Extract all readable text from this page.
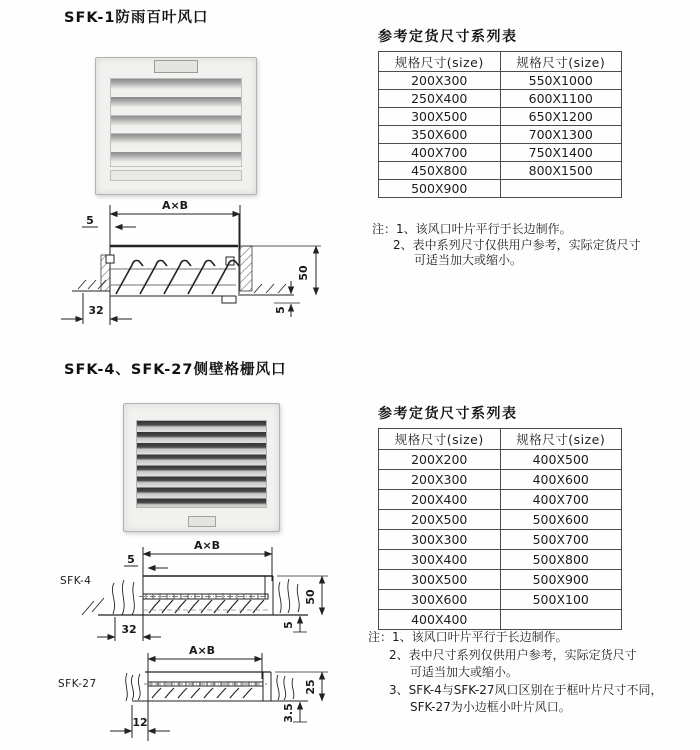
SFK-1防雨百叶风口
参考定货尺寸系列表
规格尺寸(size)	规格尺寸(size)
200X300	550X1000
250X400	600X1100
300X500	650X1200
350X600	700X1300
400X700	750X1400
450X800	800X1500
500X900	
A×B
5
50
5
32
注：1、该风口叶片平行于长边制作。
2、表中系列尺寸仅供用户参考，实际定货尺寸
可适当加大或缩小。
SFK-4、SFK-27侧壁格栅风口
参考定货尺寸系列表
规格尺寸(size)	规格尺寸(size)
200X200	400X500
200X300	400X600
200X400	400X700
200X500	500X600
300X300	500X700
300X400	500X800
300X500	500X900
300X600	500X100
400X400	
SFK-4
A×B
5
50
5
32
SFK-27
A×B
25
3.5
12
注：1、该风口叶片平行于长边制作。
2、表中尺寸系列仅供用户参考，实际定货尺寸
可适当加大或缩小。
3、SFK-4与SFK-27风口区别在于框叶片尺寸不同，
SFK-27为小边框小叶片风口。
